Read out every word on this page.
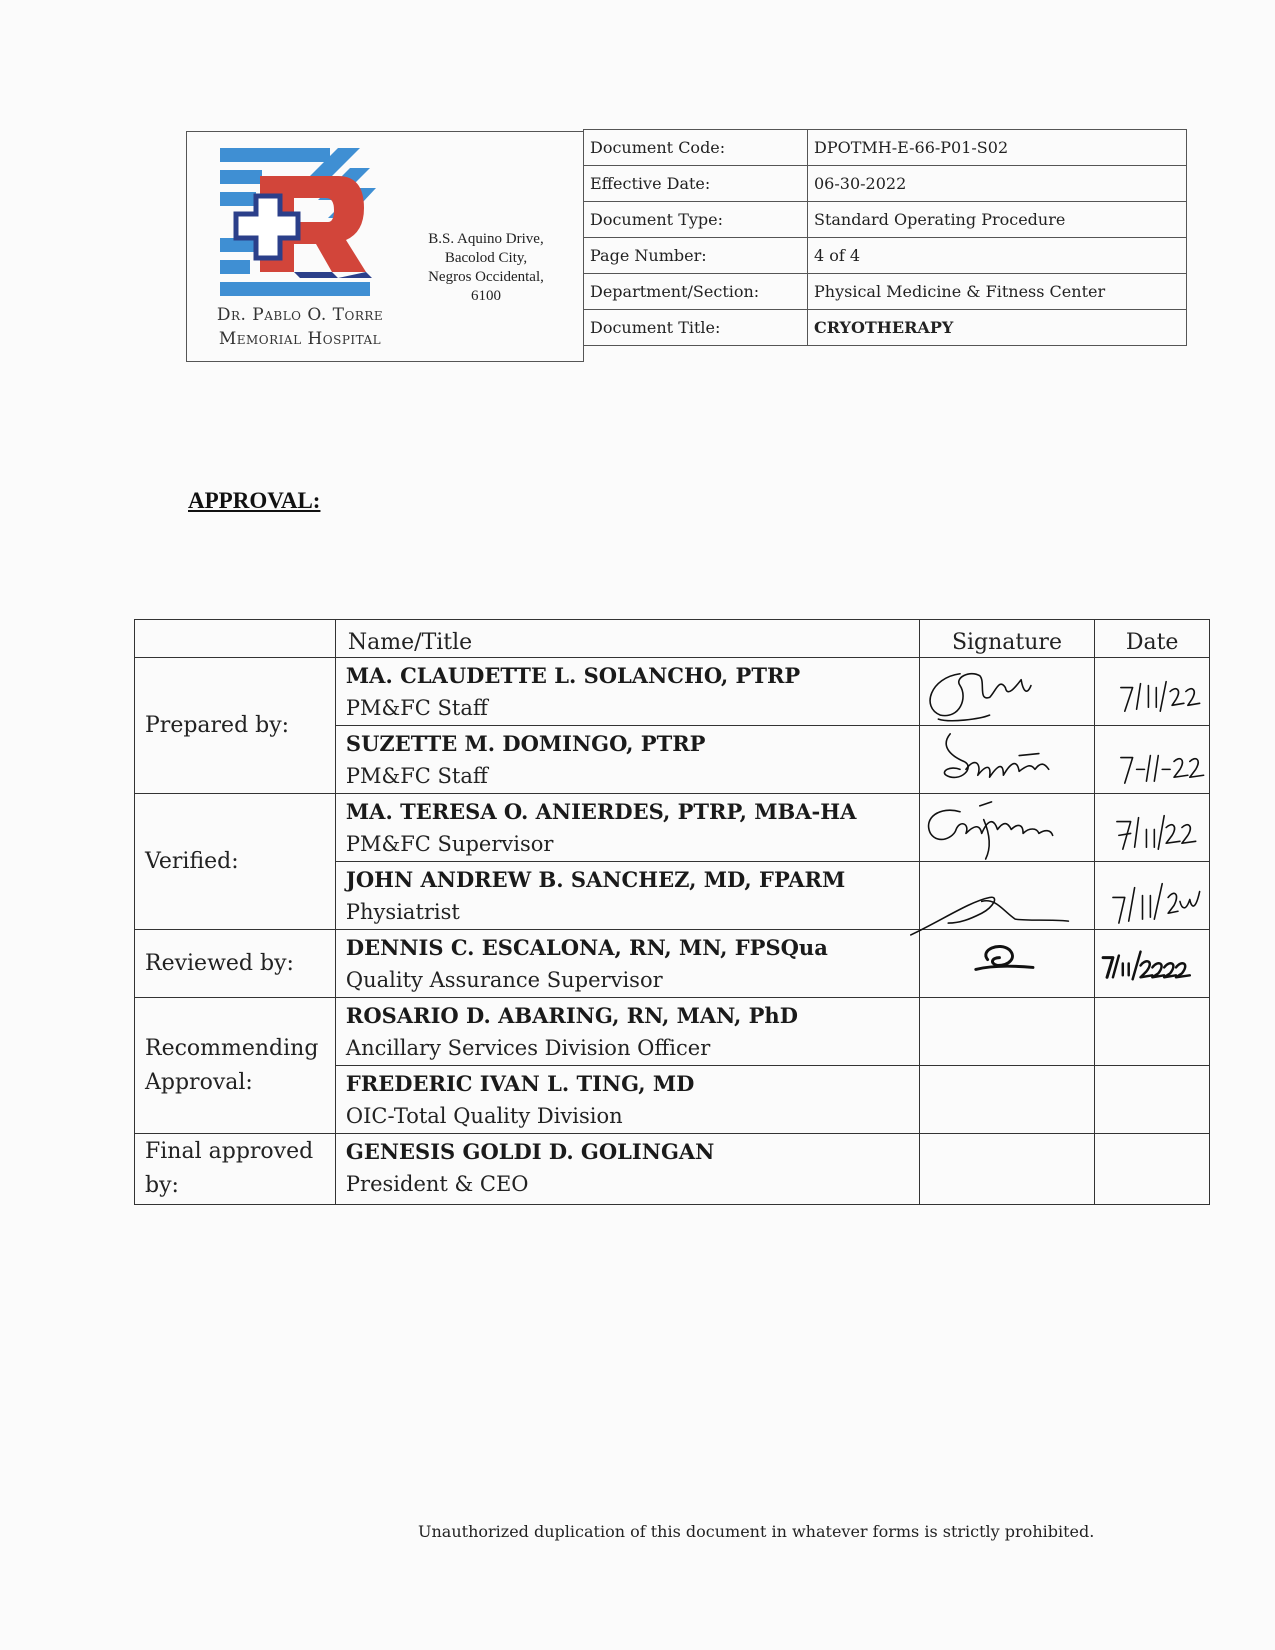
Dr. Pablo O. Torre
Memorial Hospital
B.S. Aquino Drive,
Bacolod City,
Negros Occidental,
6100
Document Code:	DPOTMH-E-66-P01-S02
Effective Date:	06-30-2022
Document Type:	Standard Operating Procedure
Page Number:	4 of 4
Department/Section:	Physical Medicine & Fitness Center
Document Title:	CRYOTHERAPY
APPROVAL:
	Name/Title	Signature	Date
Prepared by:	MA. CLAUDETTE L. SOLANCHO, PTRP
PM&FC Staff

	SUZETTE M. DOMINGO, PTRP
PM&FC Staff

Verified:	MA. TERESA O. ANIERDES, PTRP, MBA-HA
PM&FC Supervisor

	JOHN ANDREW B. SANCHEZ, MD, FPARM
Physiatrist

Reviewed by:	DENNIS C. ESCALONA, RN, MN, FPSQua
Quality Assurance Supervisor

Recommending Approval:	ROSARIO D. ABARING, RN, MAN, PhD
Ancillary Services Division Officer		

	FREDERIC IVAN L. TING, MD
OIC-Total Quality Division		

Final approved by:	GENESIS GOLDI D. GOLINGAN
President & CEO		

Unauthorized duplication of this document in whatever forms is strictly prohibited.
